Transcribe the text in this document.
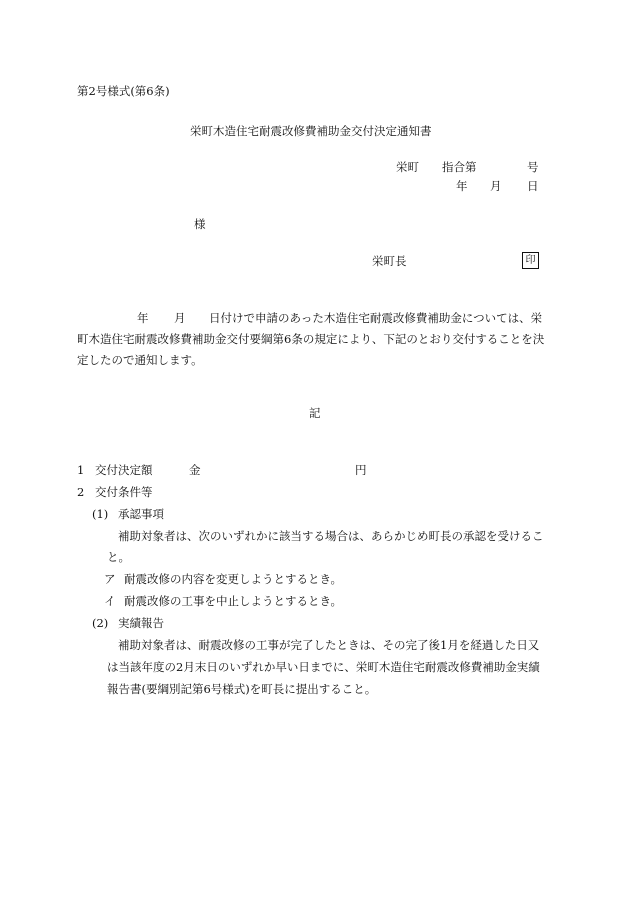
第2号様式(第6条)
栄町木造住宅耐震改修費補助金交付決定通知書
栄町 指合第	号
年 月 日
様
栄町長	印
年 月 日付けで申請のあった木造住宅耐震改修費補助金については、栄
町木造住宅耐震改修費補助金交付要綱第6条の規定により、下記のとおり交付することを決
定したので通知します。
記
1 交付決定額	金	円
2 交付条件等
(1) 承認事項
補助対象者は、次のいずれかに該当する場合は、あらかじめ町長の承認を受けるこ
と。
ア 耐震改修の内容を変更しようとするとき。
イ 耐震改修の工事を中止しようとするとき。
(2) 実績報告
補助対象者は、耐震改修の工事が完了したときは、その完了後1月を経過した日又
は当該年度の2月末日のいずれか早い日までに、栄町木造住宅耐震改修費補助金実績
報告書(要綱別記第6号様式)を町長に提出すること。
